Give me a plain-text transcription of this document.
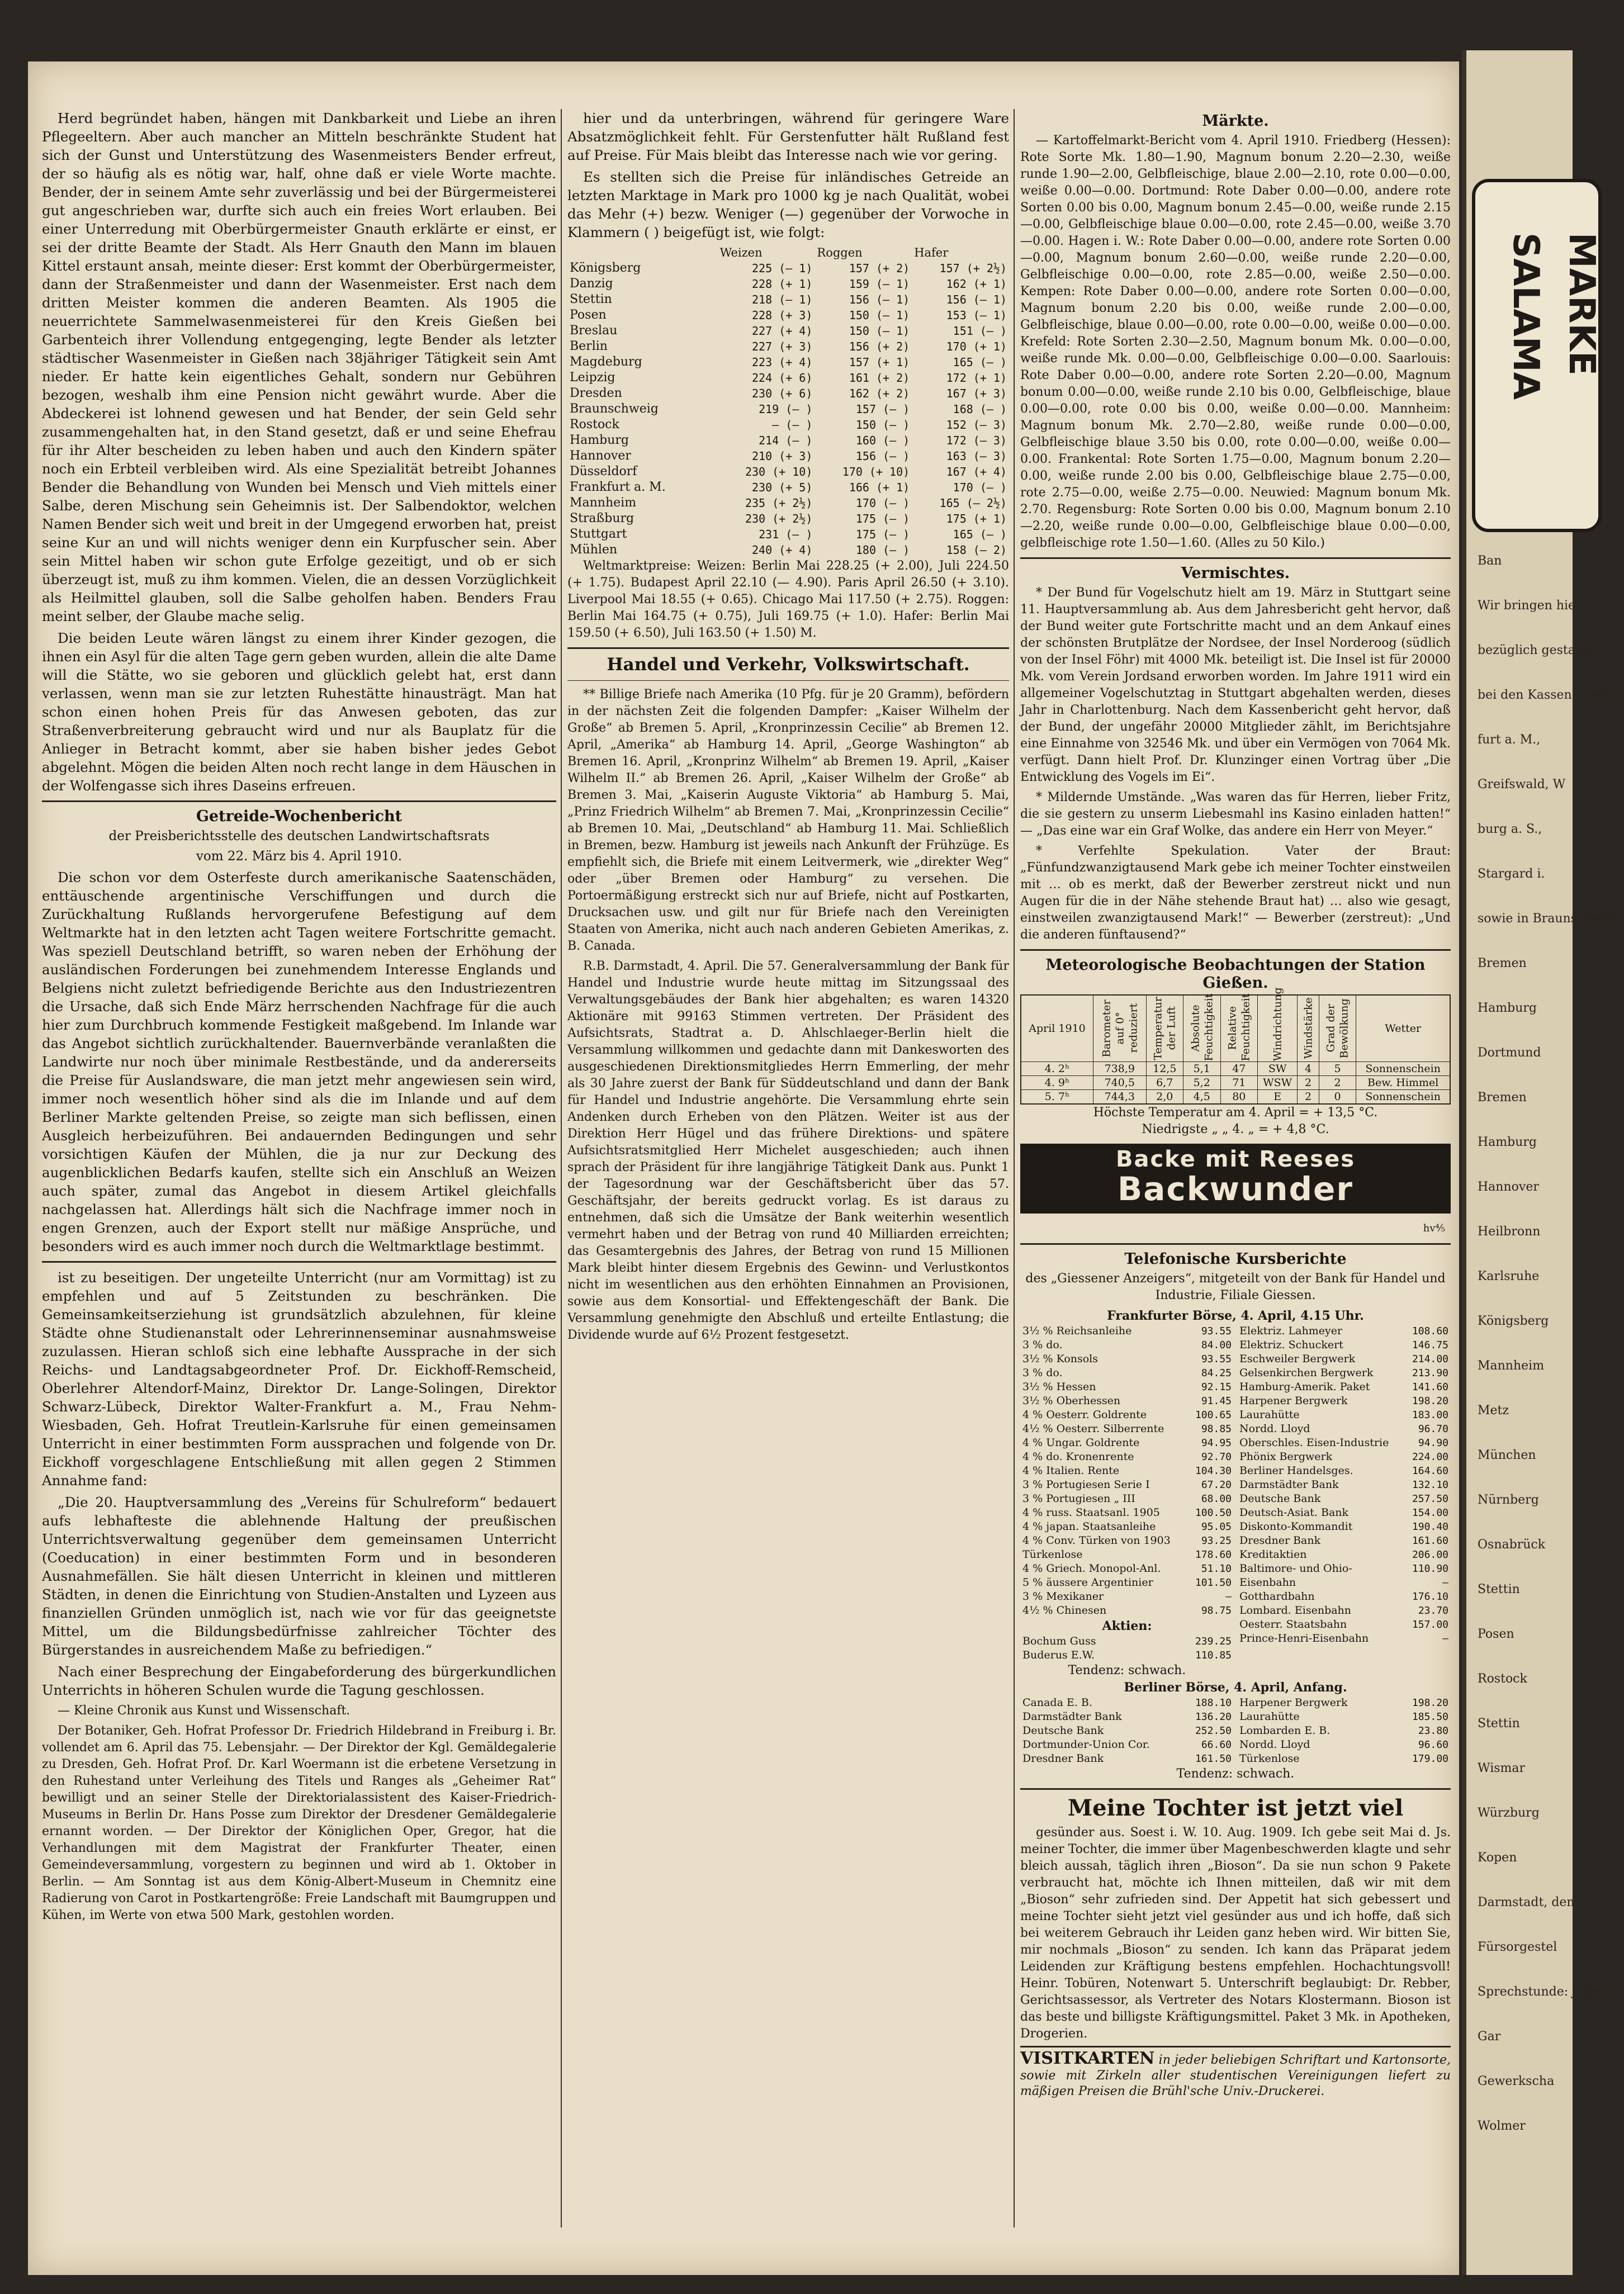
Herd begründet haben, hängen mit Dankbarkeit und Liebe an ihren Pflegeeltern. Aber auch mancher an Mitteln beschränkte Student hat sich der Gunst und Unterstützung des Wasenmeisters Bender erfreut, der so häufig als es nötig war, half, ohne daß er viele Worte machte. Bender, der in seinem Amte sehr zuverlässig und bei der Bürgermeisterei gut angeschrieben war, durfte sich auch ein freies Wort erlauben. Bei einer Unterredung mit Oberbürgermeister Gnauth erklärte er einst, er sei der dritte Beamte der Stadt. Als Herr Gnauth den Mann im blauen Kittel erstaunt ansah, meinte dieser: Erst kommt der Oberbürgermeister, dann der Straßenmeister und dann der Wasenmeister. Erst nach dem dritten Meister kommen die anderen Beamten. Als 1905 die neuerrichtete Sammelwasenmeisterei für den Kreis Gießen bei Garbenteich ihrer Vollendung entgegenging, legte Bender als letzter städtischer Wasenmeister in Gießen nach 38jähriger Tätigkeit sein Amt nieder. Er hatte kein eigentliches Gehalt, sondern nur Gebühren bezogen, weshalb ihm eine Pension nicht gewährt wurde. Aber die Abdeckerei ist lohnend gewesen und hat Bender, der sein Geld sehr zusammengehalten hat, in den Stand gesetzt, daß er und seine Ehefrau für ihr Alter bescheiden zu leben haben und auch den Kindern später noch ein Erbteil verbleiben wird. Als eine Spezialität betreibt Johannes Bender die Behandlung von Wunden bei Mensch und Vieh mittels einer Salbe, deren Mischung sein Geheimnis ist. Der Salbendoktor, welchen Namen Bender sich weit und breit in der Umgegend erworben hat, preist seine Kur an und will nichts weniger denn ein Kurpfuscher sein. Aber sein Mittel haben wir schon gute Erfolge gezeitigt, und ob er sich überzeugt ist, muß zu ihm kommen. Vielen, die an dessen Vorzüglichkeit als Heilmittel glauben, soll die Salbe geholfen haben. Benders Frau meint selber, der Glaube mache selig.

Die beiden Leute wären längst zu einem ihrer Kinder gezogen, die ihnen ein Asyl für die alten Tage gern geben wurden, allein die alte Dame will die Stätte, wo sie geboren und glücklich gelebt hat, erst dann verlassen, wenn man sie zur letzten Ruhestätte hinausträgt. Man hat schon einen hohen Preis für das Anwesen geboten, das zur Straßenverbreiterung gebraucht wird und nur als Bauplatz für die Anlieger in Betracht kommt, aber sie haben bisher jedes Gebot abgelehnt. Mögen die beiden Alten noch recht lange in dem Häuschen in der Wolfengasse sich ihres Daseins erfreuen.

Getreide-Wochenbericht
der Preisberichtsstelle des deutschen Landwirtschaftsrats
vom 22. März bis 4. April 1910.

Die schon vor dem Osterfeste durch amerikanische Saatenschäden, enttäuschende argentinische Verschiffungen und durch die Zurückhaltung Rußlands hervorgerufene Befestigung auf dem Weltmarkte hat in den letzten acht Tagen weitere Fortschritte gemacht. Was speziell Deutschland betrifft, so waren neben der Erhöhung der ausländischen Forderungen bei zunehmendem Interesse Englands und Belgiens nicht zuletzt befriedigende Berichte aus den Industriezentren die Ursache, daß sich Ende März herrschenden Nachfrage für die auch hier zum Durchbruch kommende Festigkeit maßgebend. Im Inlande war das Angebot sichtlich zurückhaltender. Bauernverbände veranlaßten die Landwirte nur noch über minimale Restbestände, und da andererseits die Preise für Auslandsware, die man jetzt mehr angewiesen sein wird, immer noch wesentlich höher sind als die im Inlande und auf dem Berliner Markte geltenden Preise, so zeigte man sich beflissen, einen Ausgleich herbeizuführen. Bei andauernden Bedingungen und sehr vorsichtigen Käufen der Mühlen, die ja nur zur Deckung des augenblicklichen Bedarfs kaufen, stellte sich ein Anschluß an Weizen auch später, zumal das Angebot in diesem Artikel gleichfalls nachgelassen hat. Allerdings hält sich die Nachfrage immer noch in engen Grenzen, auch der Export stellt nur mäßige Ansprüche, und besonders wird es auch immer noch durch die Weltmarktlage bestimmt.

ist zu beseitigen. Der ungeteilte Unterricht (nur am Vormittag) ist zu empfehlen und auf 5 Zeitstunden zu beschränken. Die Gemeinsamkeitserziehung ist grundsätzlich abzulehnen, für kleine Städte ohne Studienanstalt oder Lehrerinnenseminar ausnahmsweise zuzulassen. Hieran schloß sich eine lebhafte Aussprache in der sich Reichs- und Landtagsabgeordneter Prof. Dr. Eickhoff-Remscheid, Oberlehrer Altendorf-Mainz, Direktor Dr. Lange-Solingen, Direktor Schwarz-Lübeck, Direktor Walter-Frankfurt a. M., Frau Nehm-Wiesbaden, Geh. Hofrat Treutlein-Karlsruhe für einen gemeinsamen Unterricht in einer bestimmten Form aussprachen und folgende von Dr. Eickhoff vorgeschlagene Entschließung mit allen gegen 2 Stimmen Annahme fand:

„Die 20. Hauptversammlung des „Vereins für Schulreform“ bedauert aufs lebhafteste die ablehnende Haltung der preußischen Unterrichtsverwaltung gegenüber dem gemeinsamen Unterricht (Coeducation) in einer bestimmten Form und in besonderen Ausnahmefällen. Sie hält diesen Unterricht in kleinen und mittleren Städten, in denen die Einrichtung von Studien-Anstalten und Lyzeen aus finanziellen Gründen unmöglich ist, nach wie vor für das geeignetste Mittel, um die Bildungsbedürfnisse zahlreicher Töchter des Bürgerstandes in ausreichendem Maße zu befriedigen.“

Nach einer Besprechung der Eingabeforderung des bürgerkundlichen Unterrichts in höheren Schulen wurde die Tagung geschlossen.

— Kleine Chronik aus Kunst und Wissenschaft.

Der Botaniker, Geh. Hofrat Professor Dr. Friedrich Hildebrand in Freiburg i. Br. vollendet am 6. April das 75. Lebensjahr. — Der Direktor der Kgl. Gemäldegalerie zu Dresden, Geh. Hofrat Prof. Dr. Karl Woermann ist die erbetene Versetzung in den Ruhestand unter Verleihung des Titels und Ranges als „Geheimer Rat“ bewilligt und an seiner Stelle der Direktorialassistent des Kaiser-Friedrich-Museums in Berlin Dr. Hans Posse zum Direktor der Dresdener Gemäldegalerie ernannt worden. — Der Direktor der Königlichen Oper, Gregor, hat die Verhandlungen mit dem Magistrat der Frankfurter Theater, einen Gemeindeversammlung, vorgestern zu beginnen und wird ab 1. Oktober in Berlin. — Am Sonntag ist aus dem König-Albert-Museum in Chemnitz eine Radierung von Carot in Postkartengröße: Freie Landschaft mit Baumgruppen und Kühen, im Werte von etwa 500 Mark, gestohlen worden.

hier und da unterbringen, während für geringere Ware Absatzmöglichkeit fehlt. Für Gerstenfutter hält Rußland fest auf Preise. Für Mais bleibt das Interesse nach wie vor gering.

Es stellten sich die Preise für inländisches Getreide an letzten Marktage in Mark pro 1000 kg je nach Qualität, wobei das Mehr (+) bezw. Weniger (—) gegenüber der Vorwoche in Klammern ( ) beigefügt ist, wie folgt:

	Weizen	Roggen	Hafer
Königsberg	225 (— 1)	157 (+ 2)	157 (+ 2½)
Danzig	228 (+ 1)	159 (— 1)	162 (+ 1)
Stettin	218 (— 1)	156 (— 1)	156 (— 1)
Posen	228 (+ 3)	150 (— 1)	153 (— 1)
Breslau	227 (+ 4)	150 (— 1)	151 (— )
Berlin	227 (+ 3)	156 (+ 2)	170 (+ 1)
Magdeburg	223 (+ 4)	157 (+ 1)	165 (— )
Leipzig	224 (+ 6)	161 (+ 2)	172 (+ 1)
Dresden	230 (+ 6)	162 (+ 2)	167 (+ 3)
Braunschweig	219 (— )	157 (— )	168 (— )
Rostock	— (— )	150 (— )	152 (— 3)
Hamburg	214 (— )	160 (— )	172 (— 3)
Hannover	210 (+ 3)	156 (— )	163 (— 3)
Düsseldorf	230 (+ 10)	170 (+ 10)	167 (+ 4)
Frankfurt a. M.	230 (+ 5)	166 (+ 1)	170 (— )
Mannheim	235 (+ 2½)	170 (— )	165 (— 2½)
Straßburg	230 (+ 2½)	175 (— )	175 (+ 1)
Stuttgart	231 (— )	175 (— )	165 (— )
Mühlen	240 (+ 4)	180 (— )	158 (— 2)

Weltmarktpreise: Weizen: Berlin Mai 228.25 (+ 2.00), Juli 224.50 (+ 1.75). Budapest April 22.10 (— 4.90). Paris April 26.50 (+ 3.10). Liverpool Mai 18.55 (+ 0.65). Chicago Mai 117.50 (+ 2.75). Roggen: Berlin Mai 164.75 (+ 0.75), Juli 169.75 (+ 1.0). Hafer: Berlin Mai 159.50 (+ 6.50), Juli 163.50 (+ 1.50) M.

Handel und Verkehr, Volkswirtschaft.

** Billige Briefe nach Amerika (10 Pfg. für je 20 Gramm), befördern in der nächsten Zeit die folgenden Dampfer: „Kaiser Wilhelm der Große“ ab Bremen 5. April, „Kronprinzessin Cecilie“ ab Bremen 12. April, „Amerika“ ab Hamburg 14. April, „George Washington“ ab Bremen 16. April, „Kronprinz Wilhelm“ ab Bremen 19. April, „Kaiser Wilhelm II.“ ab Bremen 26. April, „Kaiser Wilhelm der Große“ ab Bremen 3. Mai, „Kaiserin Auguste Viktoria“ ab Hamburg 5. Mai, „Prinz Friedrich Wilhelm“ ab Bremen 7. Mai, „Kronprinzessin Cecilie“ ab Bremen 10. Mai, „Deutschland“ ab Hamburg 11. Mai. Schließlich in Bremen, bezw. Hamburg ist jeweils nach Ankunft der Frühzüge. Es empfiehlt sich, die Briefe mit einem Leitvermerk, wie „direkter Weg“ oder „über Bremen oder Hamburg“ zu versehen. Die Portoermäßigung erstreckt sich nur auf Briefe, nicht auf Postkarten, Drucksachen usw. und gilt nur für Briefe nach den Vereinigten Staaten von Amerika, nicht auch nach anderen Gebieten Amerikas, z. B. Canada.

R.B. Darmstadt, 4. April. Die 57. Generalversammlung der Bank für Handel und Industrie wurde heute mittag im Sitzungssaal des Verwaltungsgebäudes der Bank hier abgehalten; es waren 14320 Aktionäre mit 99163 Stimmen vertreten. Der Präsident des Aufsichtsrats, Stadtrat a. D. Ahlschlaeger-Berlin hielt die Versammlung willkommen und gedachte dann mit Dankesworten des ausgeschiedenen Direktionsmitgliedes Herrn Emmerling, der mehr als 30 Jahre zuerst der Bank für Süddeutschland und dann der Bank für Handel und Industrie angehörte. Die Versammlung ehrte sein Andenken durch Erheben von den Plätzen. Weiter ist aus der Direktion Herr Hügel und das frühere Direktions- und spätere Aufsichtsratsmitglied Herr Michelet ausgeschieden; auch ihnen sprach der Präsident für ihre langjährige Tätigkeit Dank aus. Punkt 1 der Tagesordnung war der Geschäftsbericht über das 57. Geschäftsjahr, der bereits gedruckt vorlag. Es ist daraus zu entnehmen, daß sich die Umsätze der Bank weiterhin wesentlich vermehrt haben und der Betrag von rund 40 Milliarden erreichten; das Gesamtergebnis des Jahres, der Betrag von rund 15 Millionen Mark bleibt hinter diesem Ergebnis des Gewinn- und Verlustkontos nicht im wesentlichen aus den erhöhten Einnahmen an Provisionen, sowie aus dem Konsortial- und Effektengeschäft der Bank. Die Versammlung genehmigte den Abschluß und erteilte Entlastung; die Dividende wurde auf 6½ Prozent festgesetzt.

Märkte.

— Kartoffelmarkt-Bericht vom 4. April 1910. Friedberg (Hessen): Rote Sorte Mk. 1.80—1.90, Magnum bonum 2.20—2.30, weiße runde 1.90—2.00, Gelbfleischige, blaue 2.00—2.10, rote 0.00—0.00, weiße 0.00—0.00. Dortmund: Rote Daber 0.00—0.00, andere rote Sorten 0.00 bis 0.00, Magnum bonum 2.45—0.00, weiße runde 2.15—0.00, Gelbfleischige blaue 0.00—0.00, rote 2.45—0.00, weiße 3.70—0.00. Hagen i. W.: Rote Daber 0.00—0.00, andere rote Sorten 0.00—0.00, Magnum bonum 2.60—0.00, weiße runde 2.20—0.00, Gelbfleischige 0.00—0.00, rote 2.85—0.00, weiße 2.50—0.00. Kempen: Rote Daber 0.00—0.00, andere rote Sorten 0.00—0.00, Magnum bonum 2.20 bis 0.00, weiße runde 2.00—0.00, Gelbfleischige, blaue 0.00—0.00, rote 0.00—0.00, weiße 0.00—0.00. Krefeld: Rote Sorten 2.30—2.50, Magnum bonum Mk. 0.00—0.00, weiße runde Mk. 0.00—0.00, Gelbfleischige 0.00—0.00. Saarlouis: Rote Daber 0.00—0.00, andere rote Sorten 2.20—0.00, Magnum bonum 0.00—0.00, weiße runde 2.10 bis 0.00, Gelbfleischige, blaue 0.00—0.00, rote 0.00 bis 0.00, weiße 0.00—0.00. Mannheim: Magnum bonum Mk. 2.70—2.80, weiße runde 0.00—0.00, Gelbfleischige blaue 3.50 bis 0.00, rote 0.00—0.00, weiße 0.00—0.00. Frankental: Rote Sorten 1.75—0.00, Magnum bonum 2.20—0.00, weiße runde 2.00 bis 0.00, Gelbfleischige blaue 2.75—0.00, rote 2.75—0.00, weiße 2.75—0.00. Neuwied: Magnum bonum Mk. 2.70. Regensburg: Rote Sorten 0.00 bis 0.00, Magnum bonum 2.10—2.20, weiße runde 0.00—0.00, Gelbfleischige blaue 0.00—0.00, gelbfleischige rote 1.50—1.60. (Alles zu 50 Kilo.)

Vermischtes.

* Der Bund für Vogelschutz hielt am 19. März in Stuttgart seine 11. Hauptversammlung ab. Aus dem Jahresbericht geht hervor, daß der Bund weiter gute Fortschritte macht und an dem Ankauf eines der schönsten Brutplätze der Nordsee, der Insel Norderoog (südlich von der Insel Föhr) mit 4000 Mk. beteiligt ist. Die Insel ist für 20000 Mk. vom Verein Jordsand erworben worden. Im Jahre 1911 wird ein allgemeiner Vogelschutztag in Stuttgart abgehalten werden, dieses Jahr in Charlottenburg. Nach dem Kassenbericht geht hervor, daß der Bund, der ungefähr 20000 Mitglieder zählt, im Berichtsjahre eine Einnahme von 32546 Mk. und über ein Vermögen von 7064 Mk. verfügt. Dann hielt Prof. Dr. Klunzinger einen Vortrag über „Die Entwicklung des Vogels im Ei“.

* Mildernde Umstände. „Was waren das für Herren, lieber Fritz, die sie gestern zu unserm Liebesmahl ins Kasino einladen hatten!“ — „Das eine war ein Graf Wolke, das andere ein Herr von Meyer.“

* Verfehlte Spekulation. Vater der Braut: „Fünfundzwanzigtausend Mark gebe ich meiner Tochter einstweilen mit … ob es merkt, daß der Bewerber zerstreut nickt und nun Augen für die in der Nähe stehende Braut hat) … also wie gesagt, einstweilen zwanzigtausend Mark!“ — Bewerber (zerstreut): „Und die anderen fünftausend?“

Meteorologische Beobachtungen der Station Gießen.
April 1910	Barometer auf 0° reduziert	Temperatur der Luft	Absolute Feuchtigkeit	Relative Feuchtigkeit	Windrichtung	Windstärke	Grad der Bewölkung	Wetter
4. 2ʰ	738,9	12,5	5,1	47	SW	4	5	Sonnenschein
4. 9ʰ	740,5	6,7	5,2	71	WSW	2	2	Bew. Himmel
5. 7ʰ	744,3	2,0	4,5	80	E	2	0	Sonnenschein
Höchste Temperatur am 4. April = + 13,5 °C.
Niedrigste „ „ 4. „ = + 4,8 °C.
Backe mit Reeses
Backwunder
hv⁴⁄₅
Telefonische Kursberichte
des „Giessener Anzeigers“, mitgeteilt von der Bank für Handel und Industrie, Filiale Giessen.
Frankfurter Börse, 4. April, 4.15 Uhr.
3½ % Reichsanleihe	93.55
3 % do.	84.00
3½ % Konsols	93.55
3 % do.	84.25
3½ % Hessen	92.15
3½ % Oberhessen	91.45
4 % Oesterr. Goldrente	100.65
4½ % Oesterr. Silberrente	98.85
4 % Ungar. Goldrente	94.95
4 % do. Kronenrente	92.70
4 % Italien. Rente	104.30
3 % Portugiesen Serie I	67.20
3 % Portugiesen „ III	68.00
4 % russ. Staatsanl. 1905	100.50
4 % japan. Staatsanleihe	95.05
4 % Conv. Türken von 1903	93.25
Türkenlose	178.60
4 % Griech. Monopol-Anl.	51.10
5 % äussere Argentinier	101.50
3 % Mexikaner	—
4½ % Chinesen	98.75
Aktien:
Bochum Guss	239.25
Buderus E.W.	110.85
Tendenz: schwach.
Elektriz. Lahmeyer	108.60
Elektriz. Schuckert	146.75
Eschweiler Bergwerk	214.00
Gelsenkirchen Bergwerk	213.90
Hamburg-Amerik. Paket	141.60
Harpener Bergwerk	198.20
Laurahütte	183.00
Nordd. Lloyd	96.70
Oberschles. Eisen-Industrie	94.90
Phönix Bergwerk	224.00
Berliner Handelsges.	164.60
Darmstädter Bank	132.10
Deutsche Bank	257.50
Deutsch-Asiat. Bank	154.00
Diskonto-Kommandit	190.40
Dresdner Bank	161.60
Kreditaktien	206.00
Baltimore- und Ohio-	110.90
Eisenbahn	—
Gotthardbahn	176.10
Lombard. Eisenbahn	23.70
Oesterr. Staatsbahn	157.00
Prince-Henri-Eisenbahn	—
Berliner Börse, 4. April, Anfang.
Canada E. B.	188.10
Darmstädter Bank	136.20
Deutsche Bank	252.50
Dortmunder-Union Cor.	66.60
Dresdner Bank	161.50
Harpener Bergwerk	198.20
Laurahütte	185.50
Lombarden E. B.	23.80
Nordd. Lloyd	96.60
Türkenlose	179.00
Tendenz: schwach.
Meine Tochter ist jetzt viel

gesünder aus. Soest i. W. 10. Aug. 1909. Ich gebe seit Mai d. Js. meiner Tochter, die immer über Magenbeschwerden klagte und sehr bleich aussah, täglich ihren „Bioson“. Da sie nun schon 9 Pakete verbraucht hat, möchte ich Ihnen mitteilen, daß wir mit dem „Bioson“ sehr zufrieden sind. Der Appetit hat sich gebessert und meine Tochter sieht jetzt viel gesünder aus und ich hoffe, daß sich bei weiterem Gebrauch ihr Leiden ganz heben wird. Wir bitten Sie, mir nochmals „Bioson“ zu senden. Ich kann das Präparat jedem Leidenden zur Kräftigung bestens empfehlen. Hochachtungsvoll! Heinr. Tobüren, Notenwart 5. Unterschrift beglaubigt: Dr. Rebber, Gerichtsassessor, als Vertreter des Notars Klostermann. Bioson ist das beste und billigste Kräftigungsmittel. Paket 3 Mk. in Apotheken, Drogerien.

VISITKARTEN in jeder beliebigen Schriftart und Kartonsorte, sowie mit Zirkeln aller studentischen Vereinigungen liefert zu mäßigen Preisen die Brühl'sche Univ.-Druckerei.
MARKE SALAMA
Ban
Wir bringen hier
bezüglich gestattet.
bei den Kassen unserer
furt a. M.,
Greifswald, W
burg a. S.,
Stargard i.
sowie in Braunschweig
Bremen
Hamburg
Dortmund
Bremen
Hamburg
Hannover
Heilbronn
Karlsruhe
Königsberg
Mannheim
Metz
München
Nürnberg
Osnabrück
Stettin
Posen
Rostock
Stettin
Wismar
Würzburg
Kopen
Darmstadt, den
Fürsorgestel
Sprechstunde: jeden
Gar
Gewerkscha
Wolmer
